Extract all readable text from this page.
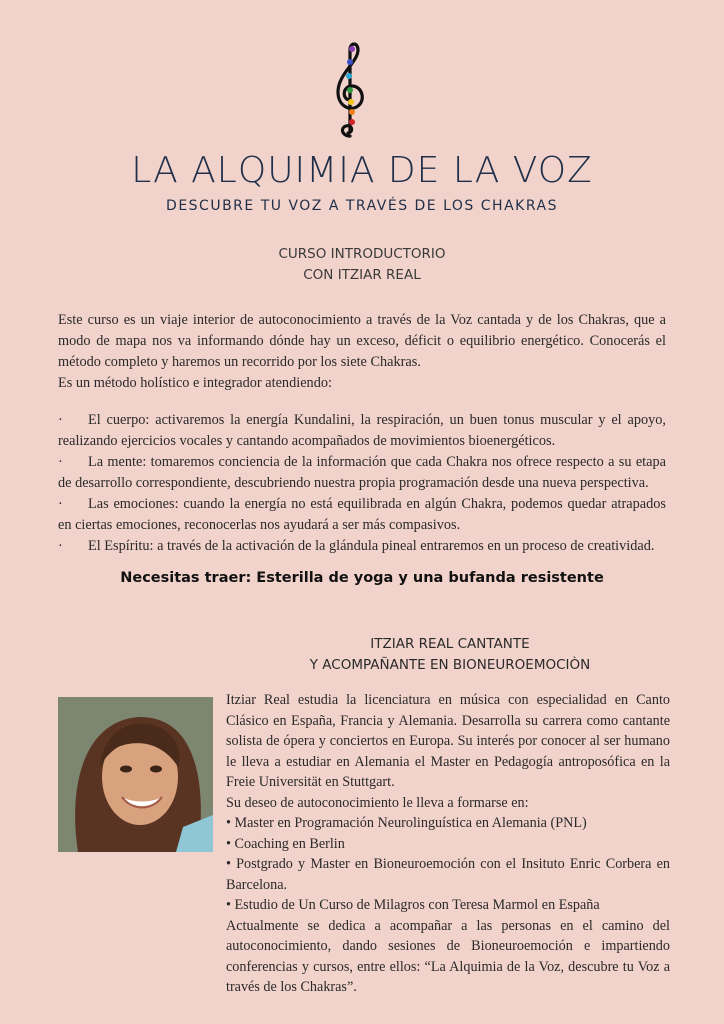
LA ALQUIMIA DE LA VOZ
DESCUBRE TU VOZ A TRAVÉS DE LOS CHAKRAS
CURSO INTRODUCTORIO
CON ITZIAR REAL

Este curso es un viaje interior de autoconocimiento a través de la Voz cantada y de los Chakras, que a modo de mapa nos va informando dónde hay un exceso, déficit o equilibrio energético. Conocerás el método completo y haremos un recorrido por los siete Chakras.

Es un método holístico e integrador atendiendo:

· El cuerpo: activaremos la energía Kundalini, la respiración, un buen tonus muscular y el apoyo, realizando ejercicios vocales y cantando acompañados de movimientos bioenergéticos.

· La mente: tomaremos conciencia de la información que cada Chakra nos ofrece respecto a su etapa de desarrollo correspondiente, descubriendo nuestra propia programación desde una nueva perspectiva.

· Las emociones: cuando la energía no está equilibrada en algún Chakra, podemos quedar atrapados en ciertas emociones, reconocerlas nos ayudará a ser más compasivos.

· El Espíritu: a través de la activación de la glándula pineal entraremos en un proceso de creatividad.

Necesitas traer: Esterilla de yoga y una bufanda resistente
ITZIAR REAL CANTANTE
Y ACOMPAÑANTE EN BIONEUROEMOCIÒN

Itziar Real estudia la licenciatura en música con especialidad en Canto Clásico en España, Francia y Alemania. Desarrolla su carrera como cantante solista de ópera y conciertos en Europa. Su interés por conocer al ser humano le lleva a estudiar en Alemania el Master en Pedagogía antroposófica en la Freie Universität en Stuttgart.

Su deseo de autoconocimiento le lleva a formarse en:

• Master en Programación Neurolinguística en Alemania (PNL)

• Coaching en Berlin

• Postgrado y Master en Bioneuroemoción con el Insituto Enric Corbera en Barcelona.

• Estudio de Un Curso de Milagros con Teresa Marmol en España

Actualmente se dedica a acompañar a las personas en el camino del autoconocimiento, dando sesiones de Bioneuroemoción e impartiendo conferencias y cursos, entre ellos: “La Alquimia de la Voz, descubre tu Voz a través de los Chakras”.
